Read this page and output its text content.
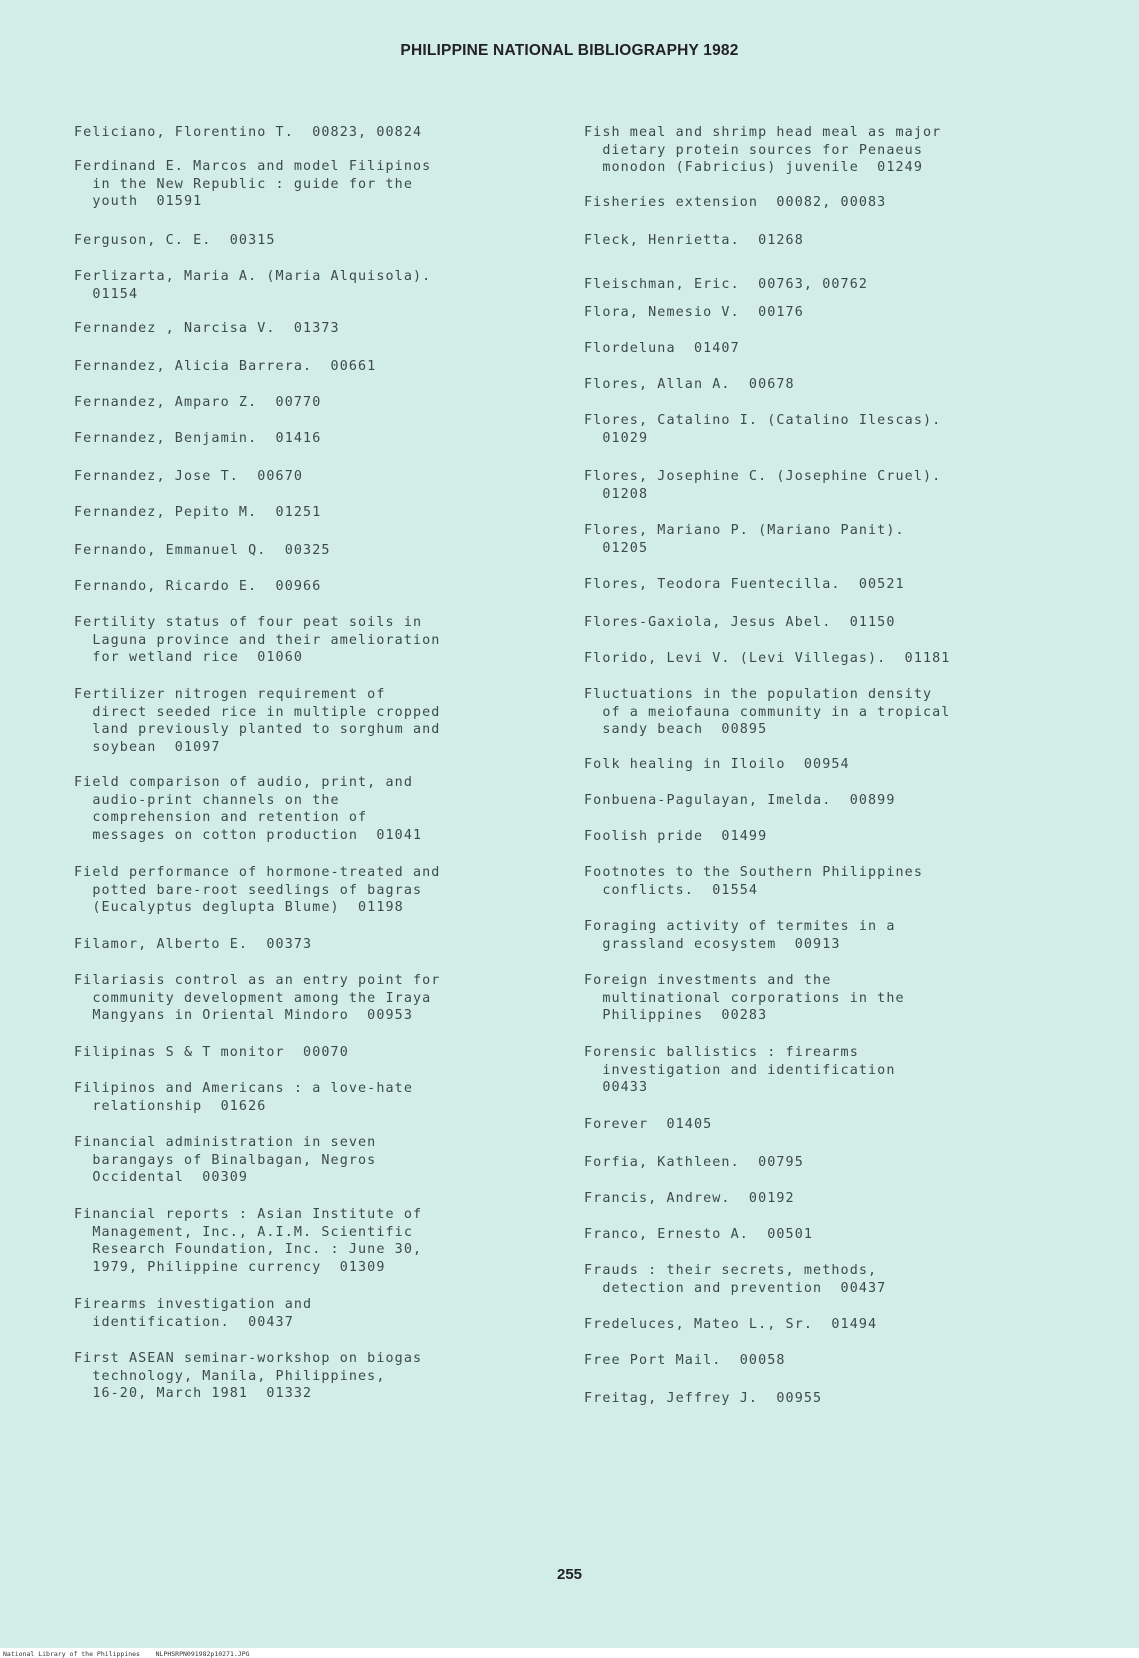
PHILIPPINE NATIONAL BIBLIOGRAPHY 1982
Feliciano, Florentino T.  00823, 00824
Ferdinand E. Marcos and model Filipinos
in the New Republic : guide for the
youth  01591
Ferguson, C. E.  00315
Ferlizarta, Maria A. (Maria Alquisola).
01154
Fernandez , Narcisa V.  01373
Fernandez, Alicia Barrera.  00661
Fernandez, Amparo Z.  00770
Fernandez, Benjamin.  01416
Fernandez, Jose T.  00670
Fernandez, Pepito M.  01251
Fernando, Emmanuel Q.  00325
Fernando, Ricardo E.  00966
Fertility status of four peat soils in
Laguna province and their amelioration
for wetland rice  01060
Fertilizer nitrogen requirement of
direct seeded rice in multiple cropped
land previously planted to sorghum and
soybean  01097
Field comparison of audio, print, and
audio-print channels on the
comprehension and retention of
messages on cotton production  01041
Field performance of hormone-treated and
potted bare-root seedlings of bagras
(Eucalyptus deglupta Blume)  01198
Filamor, Alberto E.  00373
Filariasis control as an entry point for
community development among the Iraya
Mangyans in Oriental Mindoro  00953
Filipinas S & T monitor  00070
Filipinos and Americans : a love-hate
relationship  01626
Financial administration in seven
barangays of Binalbagan, Negros
Occidental  00309
Financial reports : Asian Institute of
Management, Inc., A.I.M. Scientific
Research Foundation, Inc. : June 30,
1979, Philippine currency  01309
Firearms investigation and
identification.  00437
First ASEAN seminar-workshop on biogas
technology, Manila, Philippines,
16-20, March 1981  01332
Fish meal and shrimp head meal as major
dietary protein sources for Penaeus
monodon (Fabricius) juvenile  01249
Fisheries extension  00082, 00083
Fleck, Henrietta.  01268
Fleischman, Eric.  00763, 00762
Flora, Nemesio V.  00176
Flordeluna  01407
Flores, Allan A.  00678
Flores, Catalino I. (Catalino Ilescas).
01029
Flores, Josephine C. (Josephine Cruel).
01208
Flores, Mariano P. (Mariano Panit).
01205
Flores, Teodora Fuentecilla.  00521
Flores-Gaxiola, Jesus Abel.  01150
Florido, Levi V. (Levi Villegas).  01181
Fluctuations in the population density
of a meiofauna community in a tropical
sandy beach  00895
Folk healing in Iloilo  00954
Fonbuena-Pagulayan, Imelda.  00899
Foolish pride  01499
Footnotes to the Southern Philippines
conflicts.  01554
Foraging activity of termites in a
grassland ecosystem  00913
Foreign investments and the
multinational corporations in the
Philippines  00283
Forensic ballistics : firearms
investigation and identification
00433
Forever  01405
Forfia, Kathleen.  00795
Francis, Andrew.  00192
Franco, Ernesto A.  00501
Frauds : their secrets, methods,
detection and prevention  00437
Fredeluces, Mateo L., Sr.  01494
Free Port Mail.  00058
Freitag, Jeffrey J.  00955
255
National Library of the Philippines    NLPHSRPN091982p10271.JPG
